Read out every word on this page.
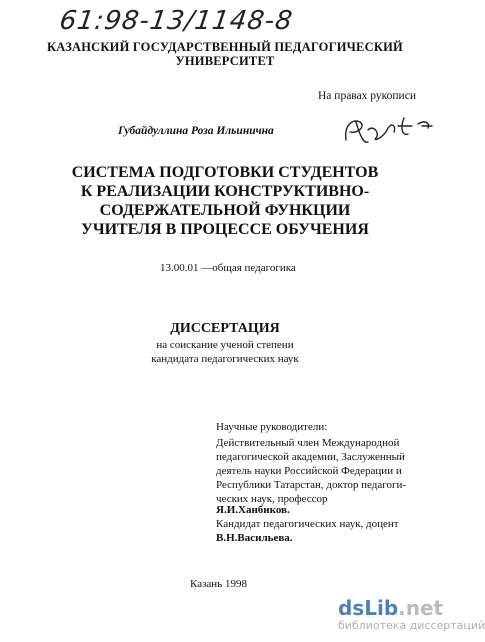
61:98-13/1148-8
КАЗАНСКИЙ ГОСУДАРСТВЕННЫЙ ПЕДАГОГИЧЕСКИЙ
УНИВЕРСИТЕТ
На правах рукописи
Губайдуллина Роза Ильинична
СИСТЕМА ПОДГОТОВКИ СТУДЕНТОВ
К РЕАЛИЗАЦИИ КОНСТРУКТИВНО-
СОДЕРЖАТЕЛЬНОЙ ФУНКЦИИ
УЧИТЕЛЯ В ПРОЦЕССЕ ОБУЧЕНИЯ
13.00.01 —общая педагогика
ДИССЕРТАЦИЯ
на соискание ученой степени
кандидата педагогических наук
Научные руководители:
Действительный член Международной
педагогической академии, Заслуженный
деятель науки Российской Федерации и
Республики Татарстан, доктор педагоги-
ческих наук, профессор
Я.И.Ханбиков.
Кандидат педагогических наук, доцент
В.Н.Васильева.
Казань 1998
dsLib.net
библиотека диссертаций
